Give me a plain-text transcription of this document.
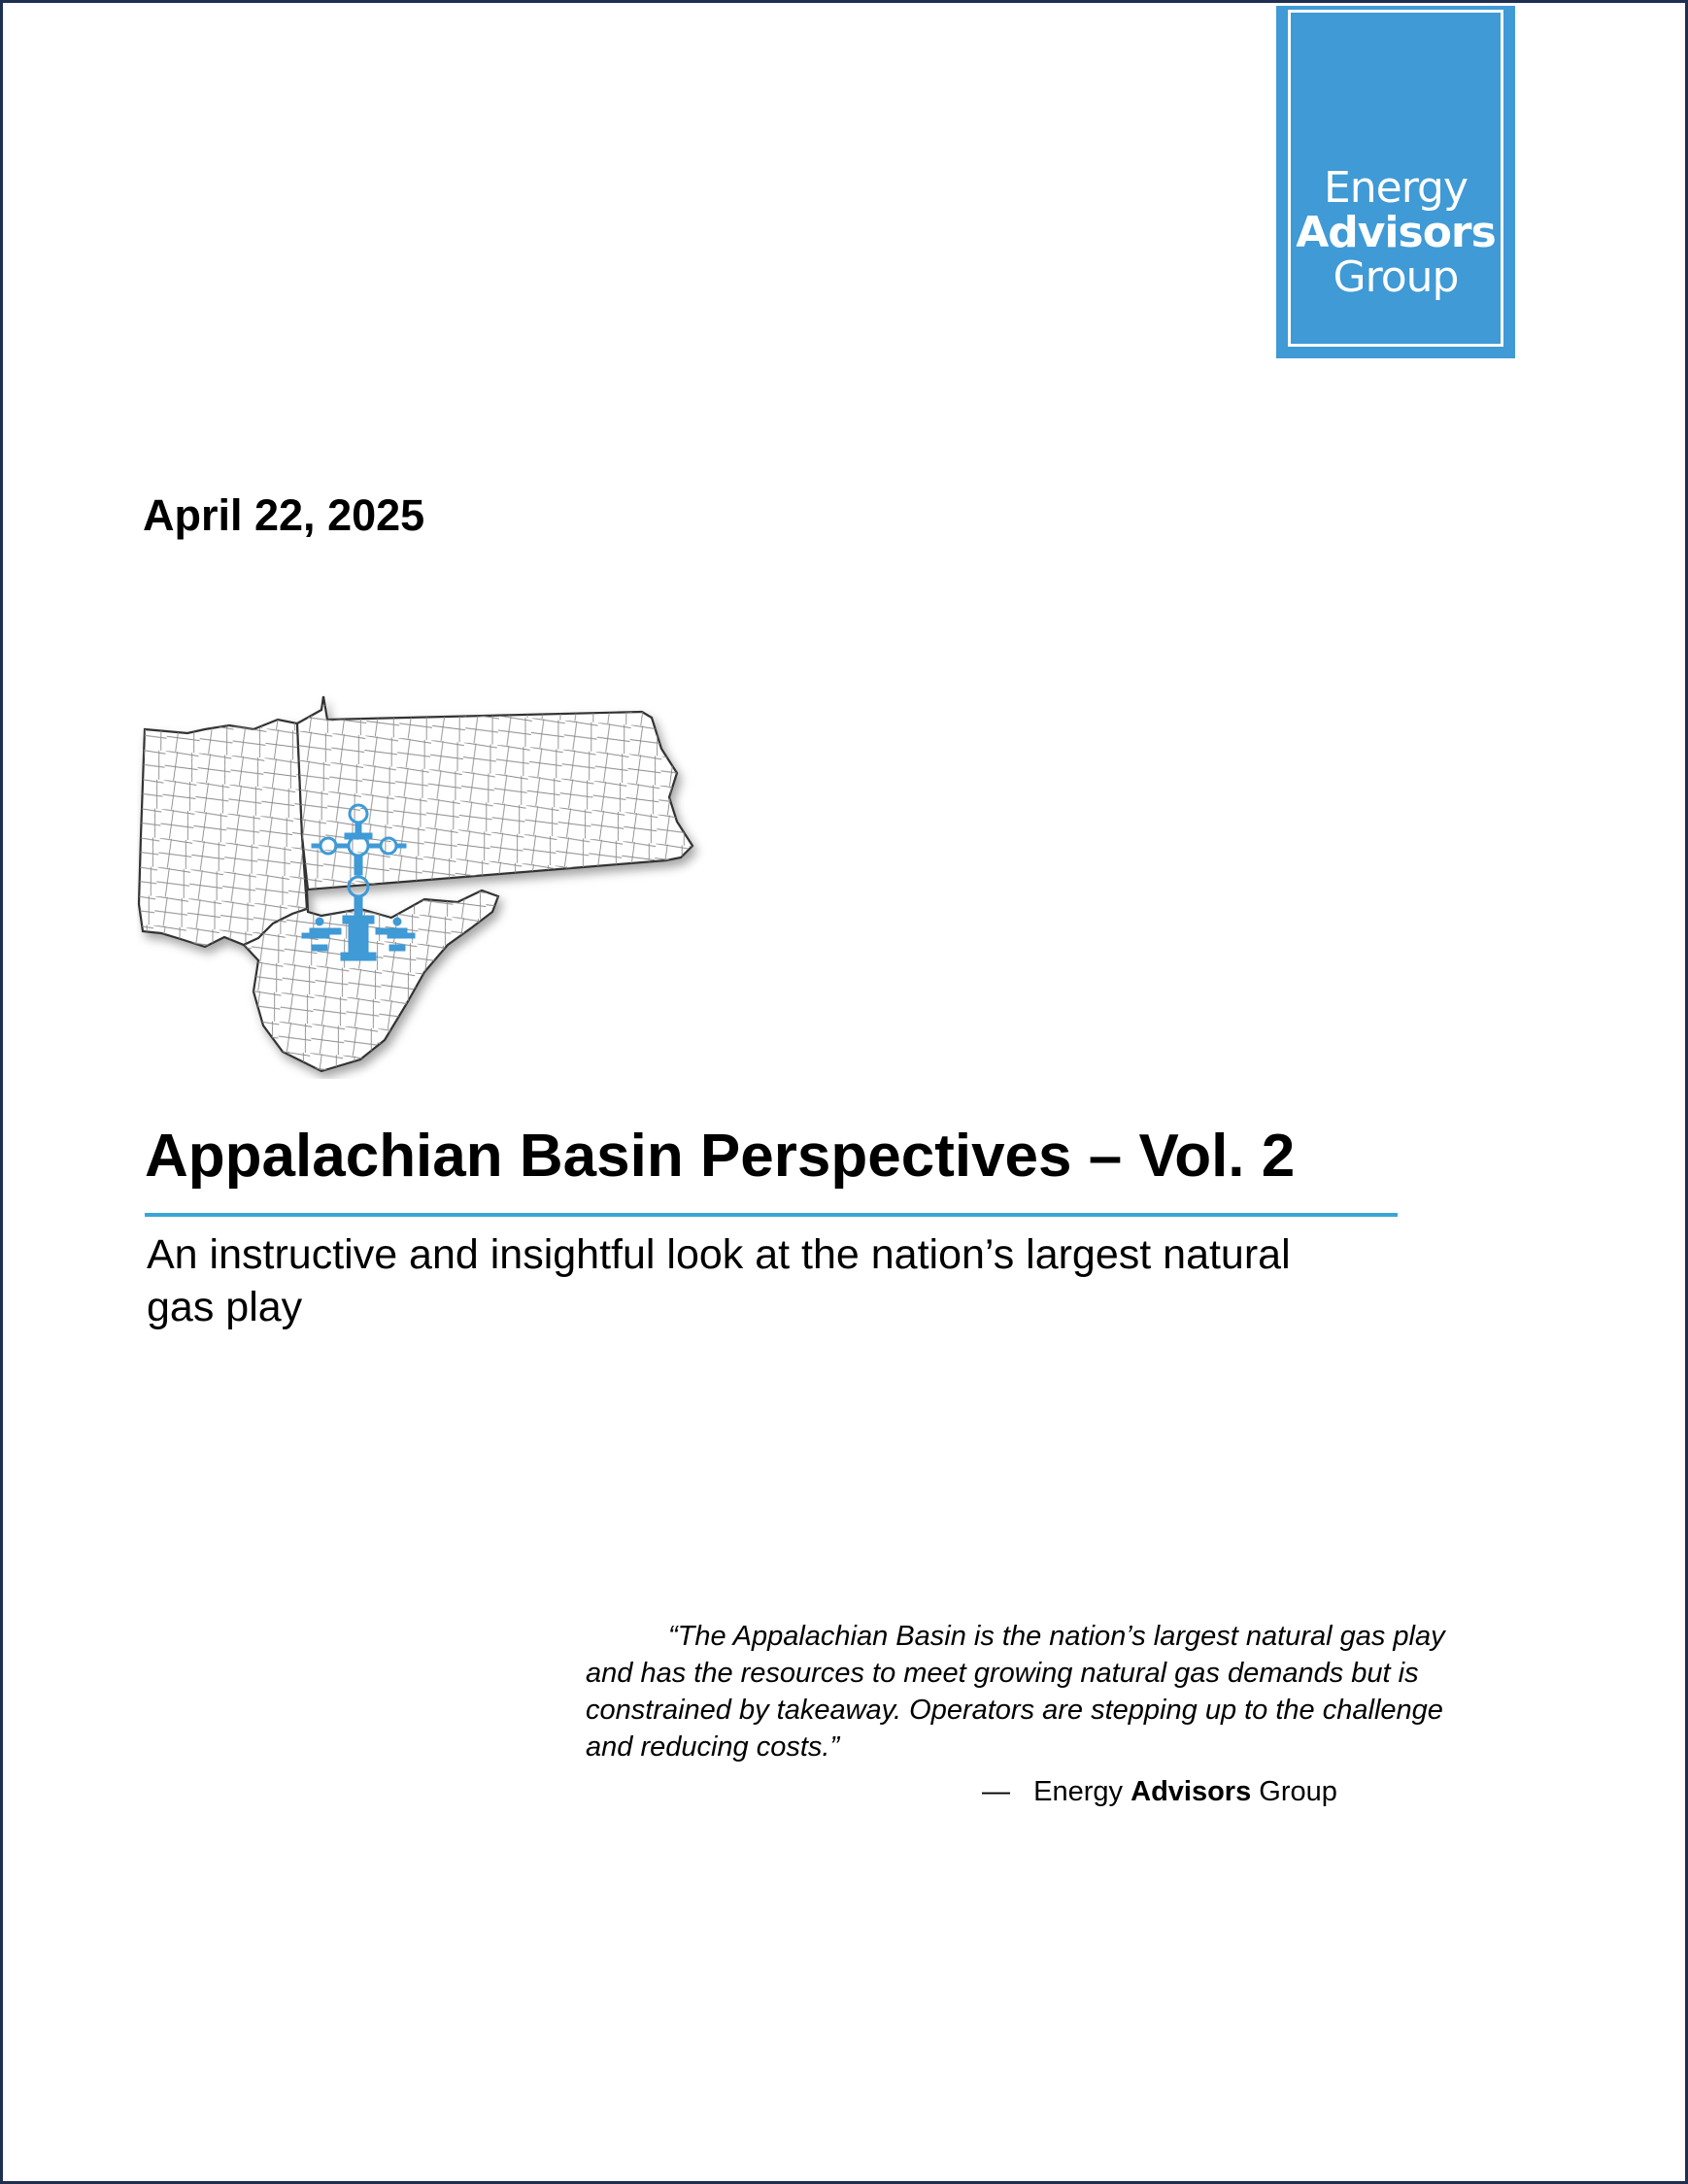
Energy
Advisors
Group
April 22, 2025
Appalachian Basin Perspectives – Vol. 2
An instructive and insightful look at the nation’s largest natural gas play
“The Appalachian Basin is the nation’s largest natural gas play and has the resources to meet growing natural gas demands but is constrained by takeaway. Operators are stepping up to the challenge and reducing costs.”
— Energy Advisors Group
